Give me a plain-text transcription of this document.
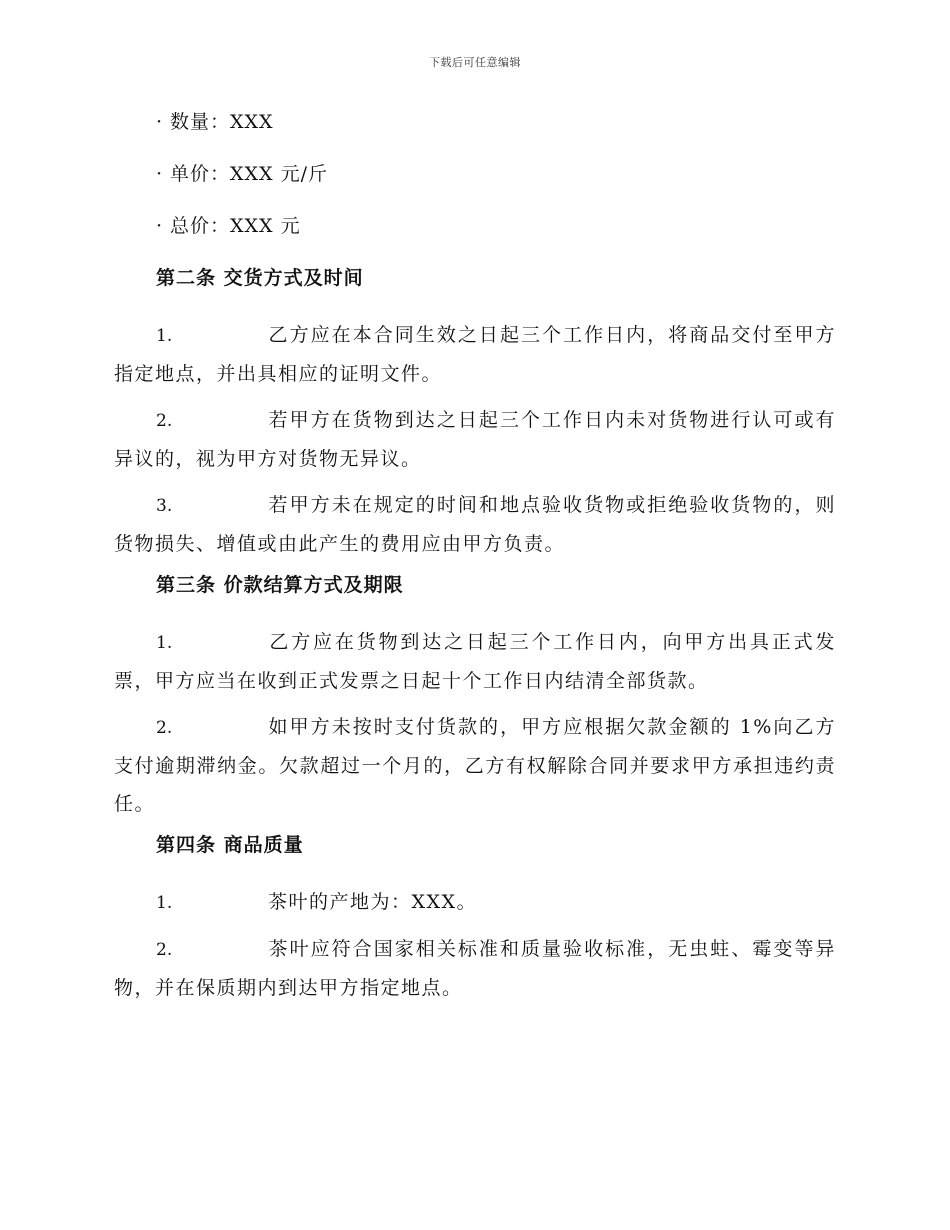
下载后可任意编辑
· 数量：XXX
· 单价：XXX 元/斤
· 总价：XXX 元
第二条 交货方式及时间
1.	乙方应在本合同生效之日起三个工作日内，将商品交付至甲方指定地点，并出具相应的证明文件。
2.	若甲方在货物到达之日起三个工作日内未对货物进行认可或有异议的，视为甲方对货物无异议。
3.	若甲方未在规定的时间和地点验收货物或拒绝验收货物的，则货物损失、增值或由此产生的费用应由甲方负责。
第三条 价款结算方式及期限
1.	乙方应在货物到达之日起三个工作日内，向甲方出具正式发票，甲方应当在收到正式发票之日起十个工作日内结清全部货款。
2.	如甲方未按时支付货款的，甲方应根据欠款金额的 1%向乙方支付逾期滞纳金。欠款超过一个月的，乙方有权解除合同并要求甲方承担违约责任。
第四条 商品质量
1.	茶叶的产地为：XXX。
2.	茶叶应符合国家相关标准和质量验收标准，无虫蛀、霉变等异物，并在保质期内到达甲方指定地点。
